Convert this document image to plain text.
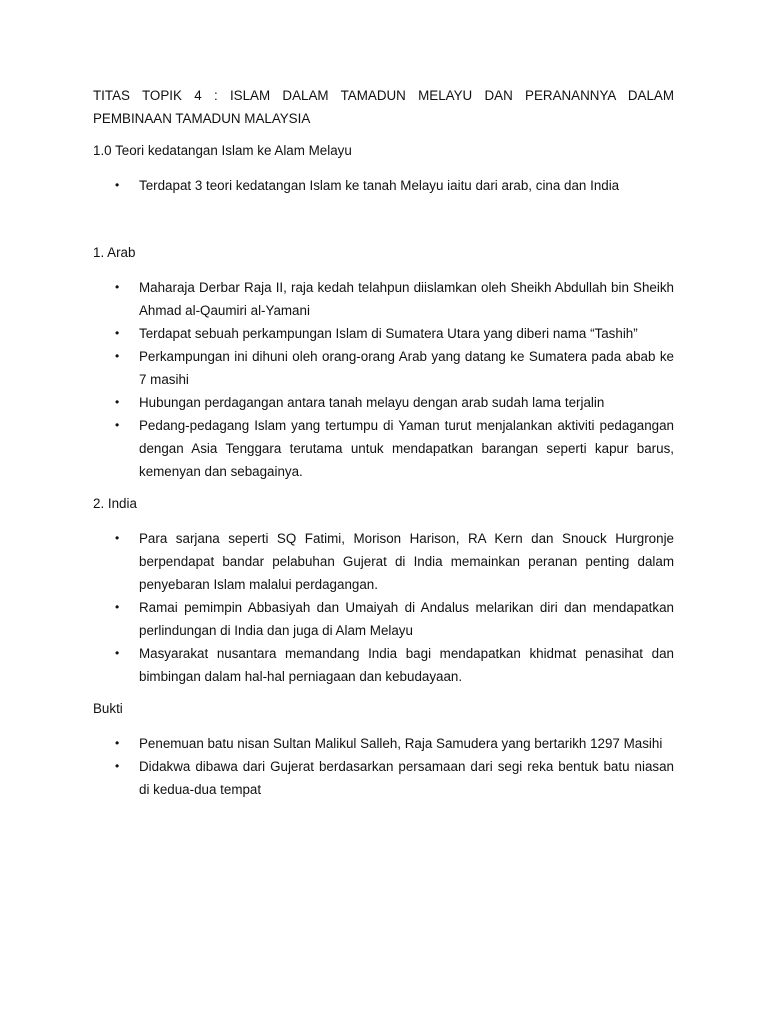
TITAS TOPIK 4 : ISLAM DALAM TAMADUN MELAYU DAN PERANANNYA DALAM

PEMBINAAN TAMADUN MALAYSIA

1.0 Teori kedatangan Islam ke Alam Melayu

• Terdapat 3 teori kedatangan Islam ke tanah Melayu iaitu dari arab, cina dan India

1. Arab

• Maharaja Derbar Raja II, raja kedah telahpun diislamkan oleh Sheikh Abdullah bin Sheikh Ahmad al-Qaumiri al-Yamani
• Terdapat sebuah perkampungan Islam di Sumatera Utara yang diberi nama “Tashih”
• Perkampungan ini dihuni oleh orang-orang Arab yang datang ke Sumatera pada abab ke 7 masihi
• Hubungan perdagangan antara tanah melayu dengan arab sudah lama terjalin
• Pedang-pedagang Islam yang tertumpu di Yaman turut menjalankan aktiviti pedagangan dengan Asia Tenggara terutama untuk mendapatkan barangan seperti kapur barus, kemenyan dan sebagainya.

2. India

• Para sarjana seperti SQ Fatimi, Morison Harison, RA Kern dan Snouck Hurgronje berpendapat bandar pelabuhan Gujerat di India memainkan peranan penting dalam penyebaran Islam malalui perdagangan.
• Ramai pemimpin Abbasiyah dan Umaiyah di Andalus melarikan diri dan mendapatkan perlindungan di India dan juga di Alam Melayu
• Masyarakat nusantara memandang India bagi mendapatkan khidmat penasihat dan bimbingan dalam hal-hal perniagaan dan kebudayaan.

Bukti

• Penemuan batu nisan Sultan Malikul Salleh, Raja Samudera yang bertarikh 1297 Masihi
• Didakwa dibawa dari Gujerat berdasarkan persamaan dari segi reka bentuk batu niasan di kedua-dua tempat
